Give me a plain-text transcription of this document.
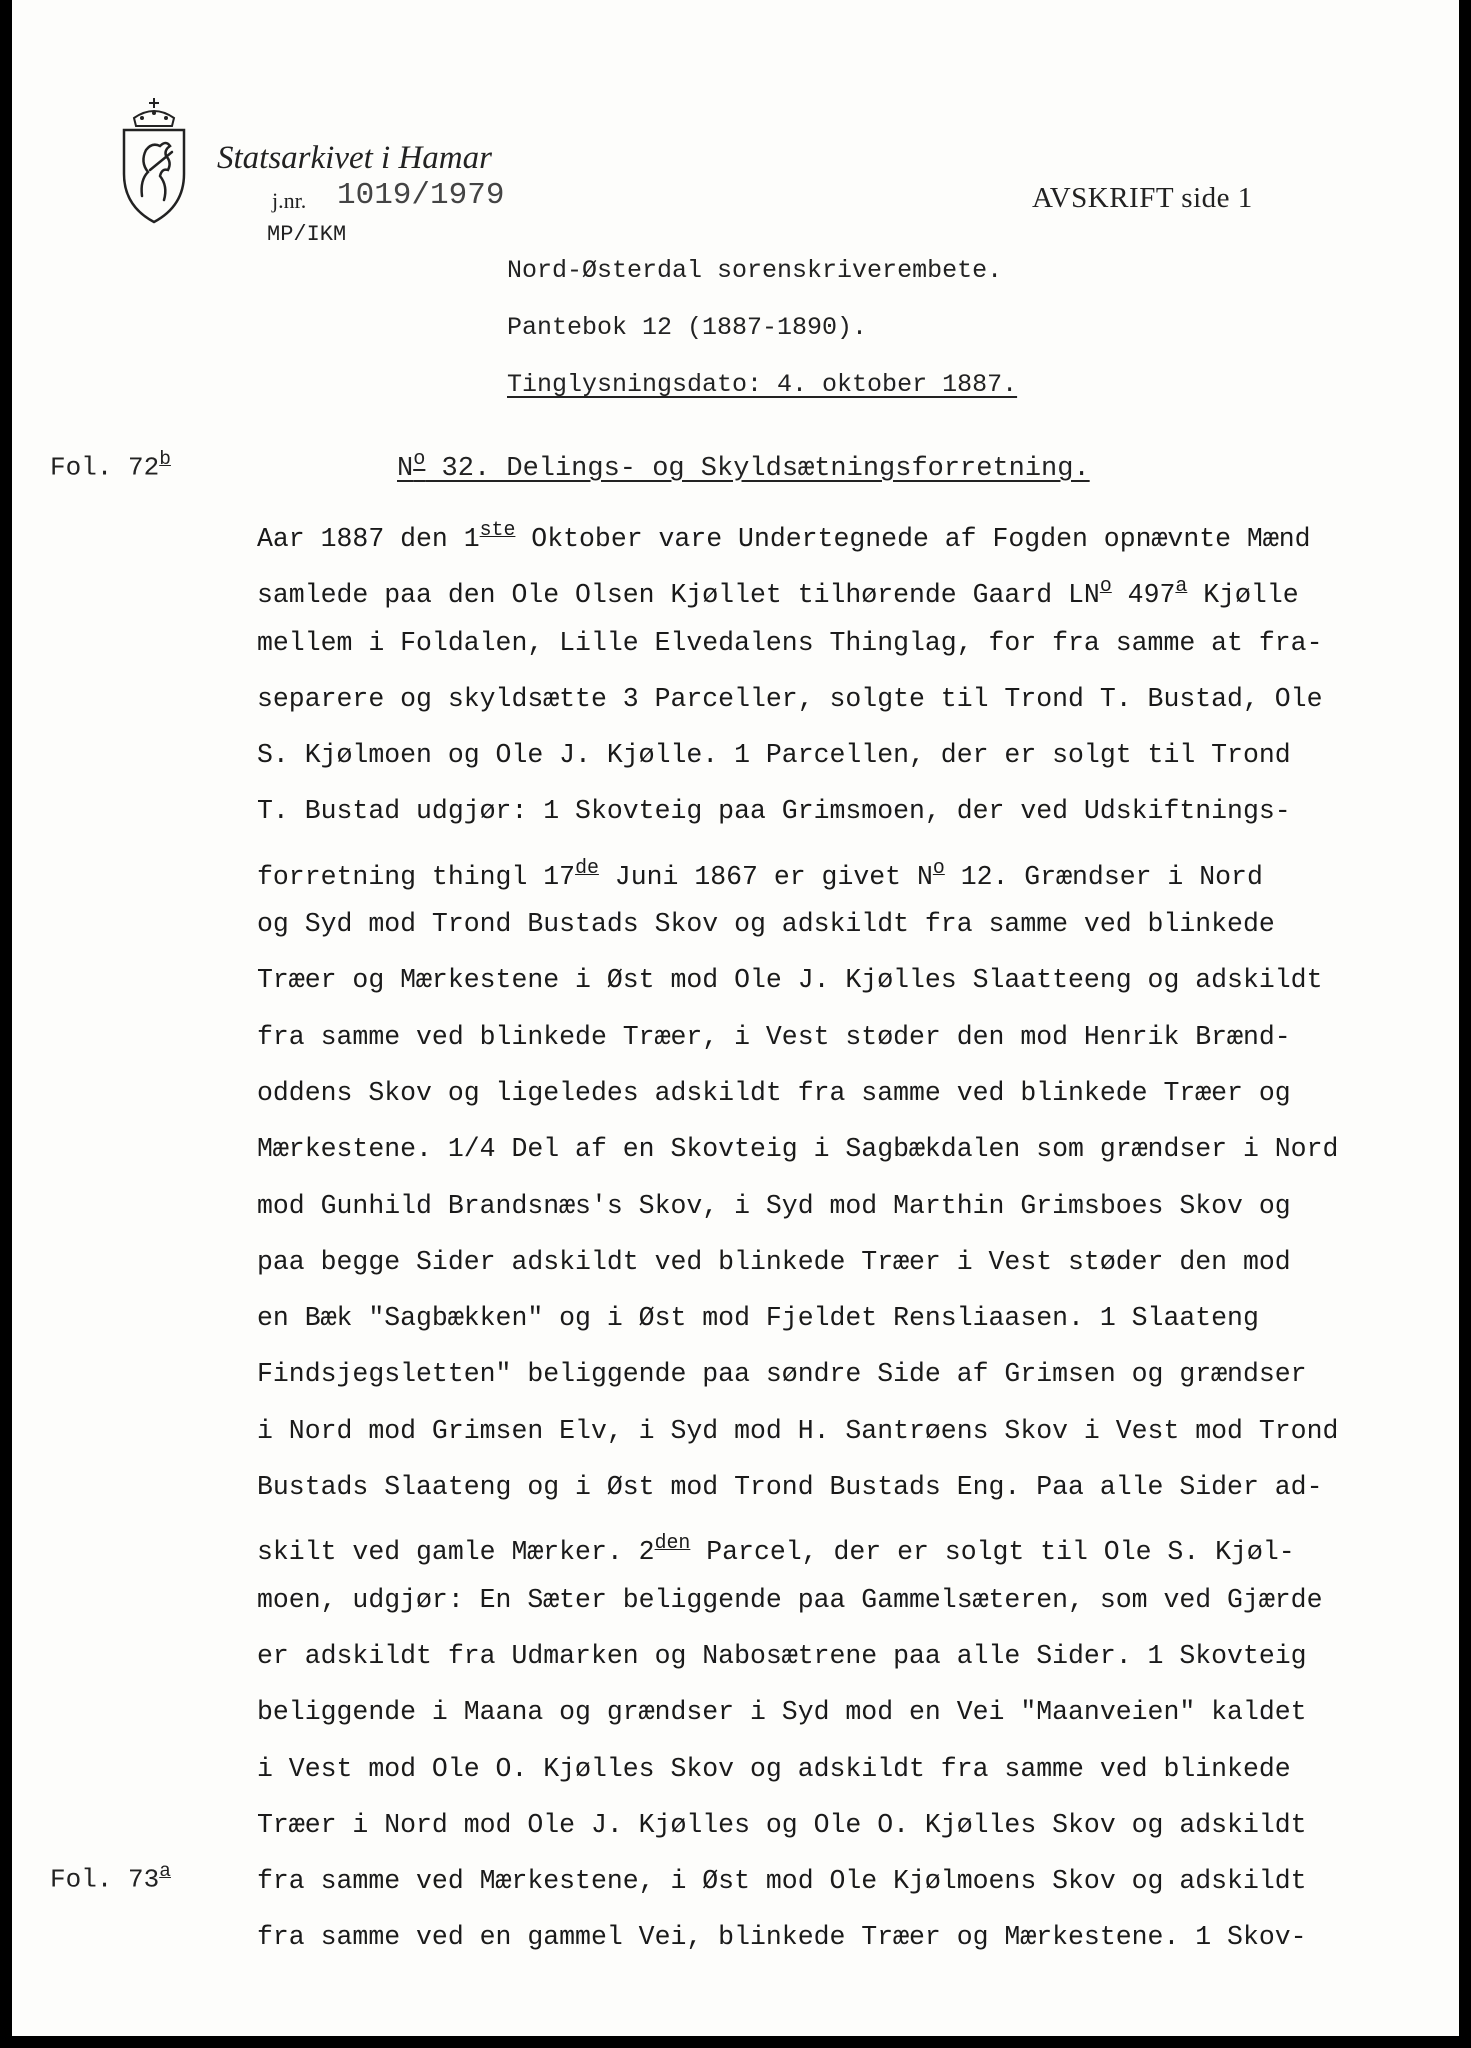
Statsarkivet i Hamar
j.nr. 1019/1979
MP/IKM
AVSKRIFT side 1
Nord-Østerdal sorenskriverembete.
Pantebok 12 (1887-1890).
Tinglysningsdato: 4. oktober 1887.
Fol. 72$^b$
Fol. 73$^a$
$N^o$ 32. Delings- og Skyldsætningsforretning.
Aar 1887 den 1ste Oktober vare Undertegnede af Fogden opnævnte Mænd
samlede paa den Ole Olsen Kjøllet tilhørende Gaard $LN^o$ 497$^a$ Kjølle
mellem i Foldalen, Lille Elvedalens Thinglag, for fra samme at fra-
separere og skyldsætte 3 Parceller, solgte til Trond T. Bustad, Ole
S. Kjølmoen og Ole J. Kjølle. 1 Parcellen, der er solgt til Trond
T. Bustad udgjør: 1 Skovteig paa Grimsmoen, der ved Udskiftnings-
forretning thingl 17de Juni 1867 er givet $N^o$ 12. Grændser i Nord
og Syd mod Trond Bustads Skov og adskildt fra samme ved blinkede
Træer og Mærkestene i Øst mod Ole J. Kjølles Slaatteeng og adskildt
fra samme ved blinkede Træer, i Vest støder den mod Henrik Brænd-
oddens Skov og ligeledes adskildt fra samme ved blinkede Træer og
Mærkestene. 1/4 Del af en Skovteig i Sagbækdalen som grændser i Nord
mod Gunhild Brandsnæs's Skov, i Syd mod Marthin Grimsboes Skov og
paa begge Sider adskildt ved blinkede Træer i Vest støder den mod
en Bæk "Sagbækken" og i Øst mod Fjeldet Rensliaasen. 1 Slaateng
Findsjegsletten" beliggende paa søndre Side af Grimsen og grændser
i Nord mod Grimsen Elv, i Syd mod H. Santrøens Skov i Vest mod Trond
Bustads Slaateng og i Øst mod Trond Bustads Eng. Paa alle Sider ad-
skilt ved gamle Mærker. $2^{den}$ Parcel, der er solgt til Ole S. Kjøl-
moen, udgjør: En Sæter beliggende paa Gammelsæteren, som ved Gjærde
er adskildt fra Udmarken og Nabosætrene paa alle Sider. 1 Skovteig
beliggende i Maana og grændser i Syd mod en Vei "Maanveien" kaldet
i Vest mod Ole O. Kjølles Skov og adskildt fra samme ved blinkede
Træer i Nord mod Ole J. Kjølles og Ole O. Kjølles Skov og adskildt
fra samme ved Mærkestene, i Øst mod Ole Kjølmoens Skov og adskildt
fra samme ved en gammel Vei, blinkede Træer og Mærkestene. 1 Skov-
